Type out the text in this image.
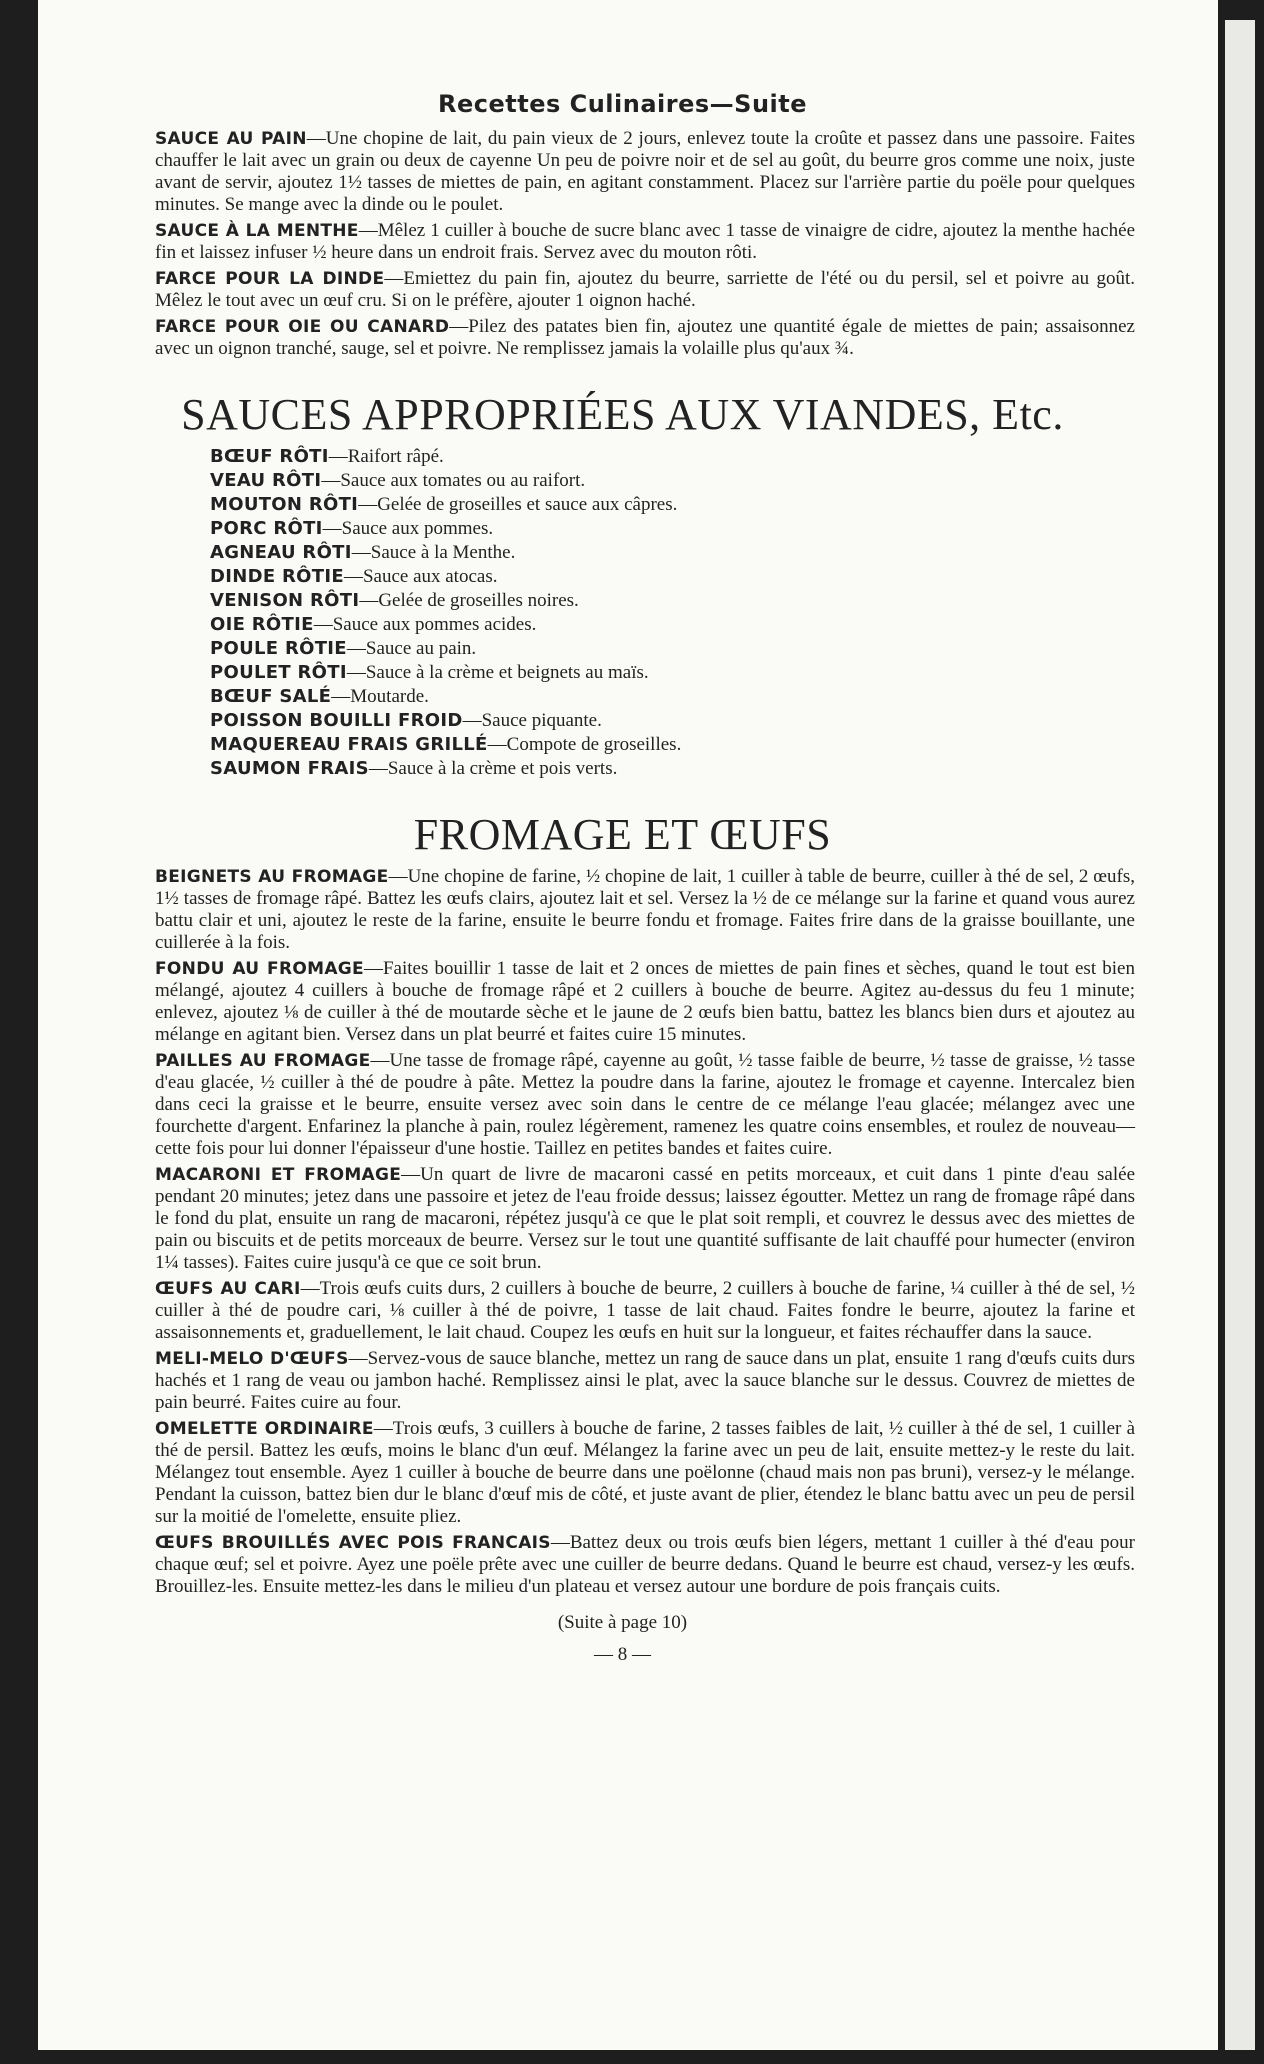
Recettes Culinaires—Suite

SAUCE AU PAIN—Une chopine de lait, du pain vieux de 2 jours, enlevez toute la croûte et passez dans une passoire. Faites chauffer le lait avec un grain ou deux de cayenne Un peu de poivre noir et de sel au goût, du beurre gros comme une noix, juste avant de servir, ajoutez 1½ tasses de miettes de pain, en agitant constamment. Placez sur l'arrière partie du poële pour quelques minutes. Se mange avec la dinde ou le poulet.

SAUCE À LA MENTHE—Mêlez 1 cuiller à bouche de sucre blanc avec 1 tasse de vinaigre de cidre, ajoutez la menthe hachée fin et laissez infuser ½ heure dans un endroit frais. Servez avec du mouton rôti.

FARCE POUR LA DINDE—Emiettez du pain fin, ajoutez du beurre, sarriette de l'été ou du persil, sel et poivre au goût. Mêlez le tout avec un œuf cru. Si on le préfère, ajouter 1 oignon haché.

FARCE POUR OIE OU CANARD—Pilez des patates bien fin, ajoutez une quantité égale de miettes de pain; assaisonnez avec un oignon tranché, sauge, sel et poivre. Ne remplissez jamais la volaille plus qu'aux ¾.

SAUCES APPROPRIÉES AUX VIANDES, Etc.
BŒUF RÔTI—Raifort râpé.
VEAU RÔTI—Sauce aux tomates ou au raifort.
MOUTON RÔTI—Gelée de groseilles et sauce aux câpres.
PORC RÔTI—Sauce aux pommes.
AGNEAU RÔTI—Sauce à la Menthe.
DINDE RÔTIE—Sauce aux atocas.
VENISON RÔTI—Gelée de groseilles noires.
OIE RÔTIE—Sauce aux pommes acides.
POULE RÔTIE—Sauce au pain.
POULET RÔTI—Sauce à la crème et beignets au maïs.
BŒUF SALÉ—Moutarde.
POISSON BOUILLI FROID—Sauce piquante.
MAQUEREAU FRAIS GRILLÉ—Compote de groseilles.
SAUMON FRAIS—Sauce à la crème et pois verts.
FROMAGE ET ŒUFS

BEIGNETS AU FROMAGE—Une chopine de farine, ½ chopine de lait, 1 cuiller à table de beurre, cuiller à thé de sel, 2 œufs, 1½ tasses de fromage râpé. Battez les œufs clairs, ajoutez lait et sel. Versez la ½ de ce mélange sur la farine et quand vous aurez battu clair et uni, ajoutez le reste de la farine, ensuite le beurre fondu et fromage. Faites frire dans de la graisse bouillante, une cuillerée à la fois.

FONDU AU FROMAGE—Faites bouillir 1 tasse de lait et 2 onces de miettes de pain fines et sèches, quand le tout est bien mélangé, ajoutez 4 cuillers à bouche de fromage râpé et 2 cuillers à bouche de beurre. Agitez au-dessus du feu 1 minute; enlevez, ajoutez ⅛ de cuiller à thé de moutarde sèche et le jaune de 2 œufs bien battu, battez les blancs bien durs et ajoutez au mélange en agitant bien. Versez dans un plat beurré et faites cuire 15 minutes.

PAILLES AU FROMAGE—Une tasse de fromage râpé, cayenne au goût, ½ tasse faible de beurre, ½ tasse de graisse, ½ tasse d'eau glacée, ½ cuiller à thé de poudre à pâte. Mettez la poudre dans la farine, ajoutez le fromage et cayenne. Intercalez bien dans ceci la graisse et le beurre, ensuite versez avec soin dans le centre de ce mélange l'eau glacée; mélangez avec une fourchette d'argent. Enfarinez la planche à pain, roulez légèrement, ramenez les quatre coins ensembles, et roulez de nouveau—cette fois pour lui donner l'épaisseur d'une hostie. Taillez en petites bandes et faites cuire.

MACARONI ET FROMAGE—Un quart de livre de macaroni cassé en petits morceaux, et cuit dans 1 pinte d'eau salée pendant 20 minutes; jetez dans une passoire et jetez de l'eau froide dessus; laissez égoutter. Mettez un rang de fromage râpé dans le fond du plat, ensuite un rang de macaroni, répétez jusqu'à ce que le plat soit rempli, et couvrez le dessus avec des miettes de pain ou biscuits et de petits morceaux de beurre. Versez sur le tout une quantité suffisante de lait chauffé pour humecter (environ 1¼ tasses). Faites cuire jusqu'à ce que ce soit brun.

ŒUFS AU CARI—Trois œufs cuits durs, 2 cuillers à bouche de beurre, 2 cuillers à bouche de farine, ¼ cuiller à thé de sel, ½ cuiller à thé de poudre cari, ⅛ cuiller à thé de poivre, 1 tasse de lait chaud. Faites fondre le beurre, ajoutez la farine et assaisonnements et, graduellement, le lait chaud. Coupez les œufs en huit sur la longueur, et faites réchauffer dans la sauce.

MELI-MELO D'ŒUFS—Servez-vous de sauce blanche, mettez un rang de sauce dans un plat, ensuite 1 rang d'œufs cuits durs hachés et 1 rang de veau ou jambon haché. Remplissez ainsi le plat, avec la sauce blanche sur le dessus. Couvrez de miettes de pain beurré. Faites cuire au four.

OMELETTE ORDINAIRE—Trois œufs, 3 cuillers à bouche de farine, 2 tasses faibles de lait, ½ cuiller à thé de sel, 1 cuiller à thé de persil. Battez les œufs, moins le blanc d'un œuf. Mélangez la farine avec un peu de lait, ensuite mettez-y le reste du lait. Mélangez tout ensemble. Ayez 1 cuiller à bouche de beurre dans une poëlonne (chaud mais non pas bruni), versez-y le mélange. Pendant la cuisson, battez bien dur le blanc d'œuf mis de côté, et juste avant de plier, étendez le blanc battu avec un peu de persil sur la moitié de l'omelette, ensuite pliez.

ŒUFS BROUILLÉS AVEC POIS FRANCAIS—Battez deux ou trois œufs bien légers, mettant 1 cuiller à thé d'eau pour chaque œuf; sel et poivre. Ayez une poële prête avec une cuiller de beurre dedans. Quand le beurre est chaud, versez-y les œufs. Brouillez-les. Ensuite mettez-les dans le milieu d'un plateau et versez autour une bordure de pois français cuits.

(Suite à page 10)
— 8 —
